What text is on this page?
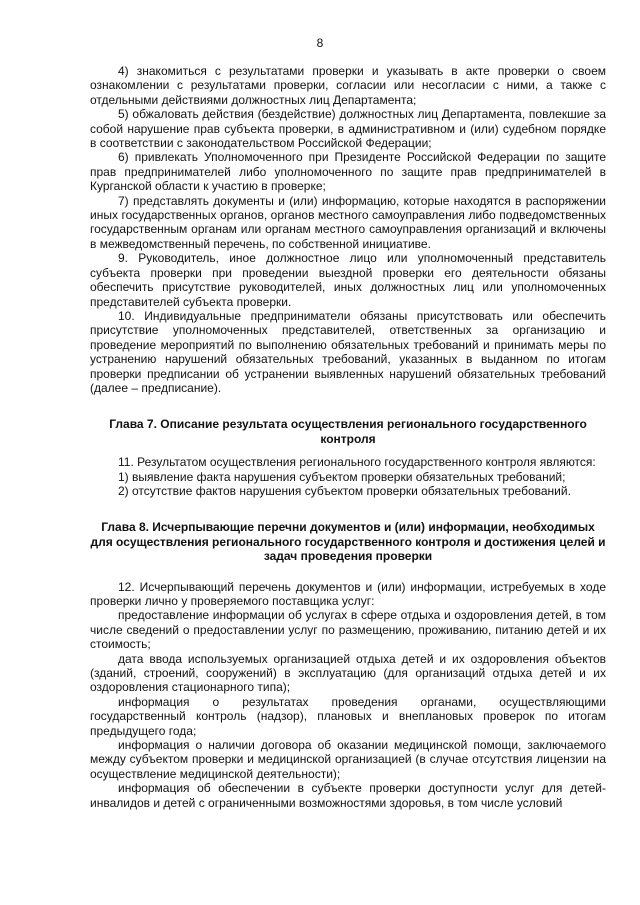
8

4) знакомиться с результатами проверки и указывать в акте проверки о своем ознакомлении с результатами проверки, согласии или несогласии с ними, а также с отдельными действиями должностных лиц Департамента;

5) обжаловать действия (бездействие) должностных лиц Департамента, повлекшие за собой нарушение прав субъекта проверки, в административном и (или) судебном порядке в соответствии с законодательством Российской Федерации;

6) привлекать Уполномоченного при Президенте Российской Федерации по защите прав предпринимателей либо уполномоченного по защите прав предпринимателей в Курганской области к участию в проверке;

7) представлять документы и (или) информацию, которые находятся в распоряжении иных государственных органов, органов местного самоуправления либо подведомственных государственным органам или органам местного самоуправления организаций и включены в межведомственный перечень, по собственной инициативе.

9. Руководитель, иное должностное лицо или уполномоченный представитель субъекта проверки при проведении выездной проверки его деятельности обязаны обеспечить присутствие руководителей, иных должностных лиц или уполномоченных представителей субъекта проверки.

10. Индивидуальные предприниматели обязаны присутствовать или обеспечить присутствие уполномоченных представителей, ответственных за организацию и проведение мероприятий по выполнению обязательных требований и принимать меры по устранению нарушений обязательных требований, указанных в выданном по итогам проверки предписании об устранении выявленных нарушений обязательных требований (далее – предписание).

Глава 7. Описание результата осуществления регионального государственного контроля

11. Результатом осуществления регионального государственного контроля являются:

1) выявление факта нарушения субъектом проверки обязательных требований;

2) отсутствие фактов нарушения субъектом проверки обязательных требований.

Глава 8. Исчерпывающие перечни документов и (или) информации, необходимых для осуществления регионального государственного контроля и достижения целей и задач проведения проверки

12. Исчерпывающий перечень документов и (или) информации, истребуемых в ходе проверки лично у проверяемого поставщика услуг:

предоставление информации об услугах в сфере отдыха и оздоровления детей, в том числе сведений о предоставлении услуг по размещению, проживанию, питанию детей и их стоимость;

дата ввода используемых организацией отдыха детей и их оздоровления объектов (зданий, строений, сооружений) в эксплуатацию (для организаций отдыха детей и их оздоровления стационарного типа);

информация о результатах проведения органами, осуществляющими государственный контроль (надзор), плановых и внеплановых проверок по итогам предыдущего года;

информация о наличии договора об оказании медицинской помощи, заключаемого между субъектом проверки и медицинской организацией (в случае отсутствия лицензии на осуществление медицинской деятельности);

информация об обеспечении в субъекте проверки доступности услуг для детей-инвалидов и детей с ограниченными возможностями здоровья, в том числе условий
